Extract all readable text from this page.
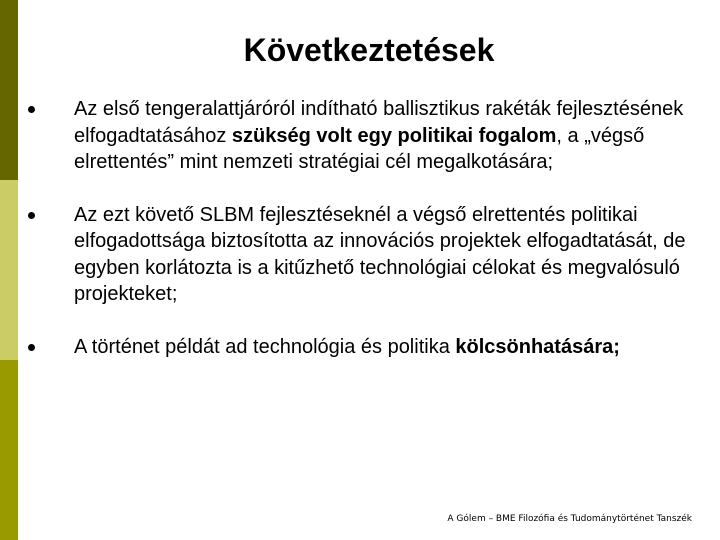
Következtetések
Az első tengeralattjáróról indítható ballisztikus rakéták fejlesztésének elfogadtatásához szükség volt egy politikai fogalom, a „végső elrettentés” mint nemzeti stratégiai cél megalkotására;
Az ezt követő SLBM fejlesztéseknél a végső elrettentés politikai elfogadottsága biztosította az innovációs projektek elfogadtatását, de egyben korlátozta is a kitűzhető technológiai célokat és megvalósuló projekteket;
A történet példát ad technológia és politika kölcsönhatására;
A Gólem – BME Filozófia és Tudománytörténet Tanszék
